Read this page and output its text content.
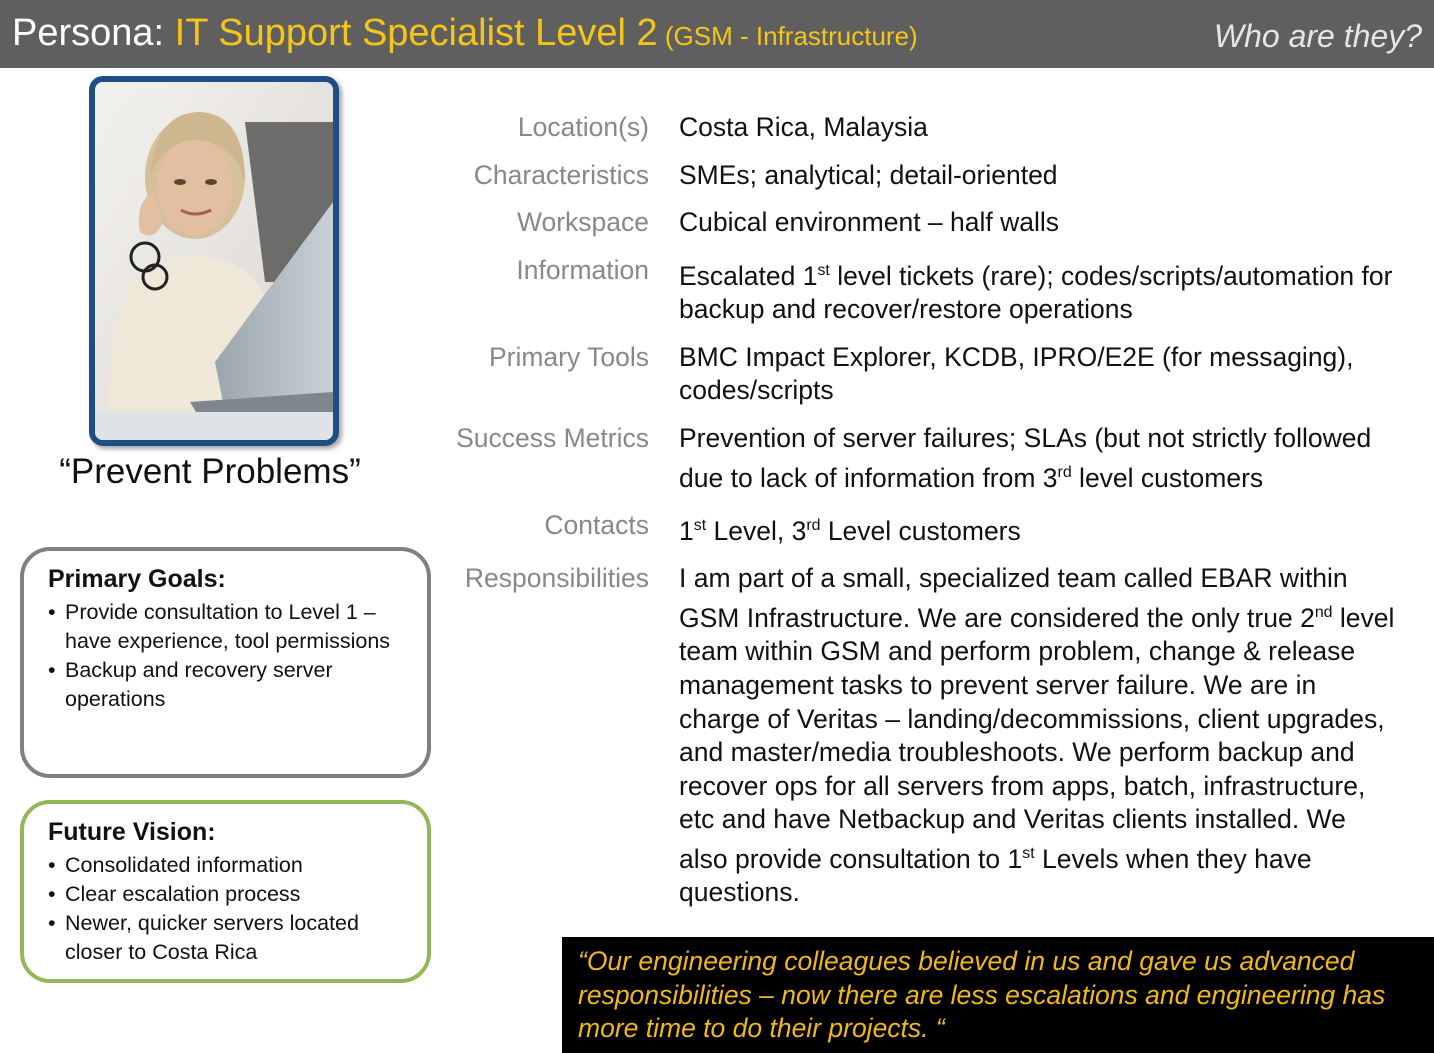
Persona: IT Support Specialist Level 2 (GSM - Infrastructure)	Who are they?
“Prevent Problems”
Primary Goals:
• Provide consultation to Level 1 – have experience, tool permissions
• Backup and recovery server operations
Future Vision:
• Consolidated information
• Clear escalation process
• Newer, quicker servers located closer to Costa Rica
Location(s) Costa Rica, Malaysia
Characteristics SMEs; analytical; detail-oriented
Workspace Cubical environment – half walls
Information Escalated 1st level tickets (rare); codes/scripts/automation for backup and recover/restore operations
Primary Tools BMC Impact Explorer, KCDB, IPRO/E2E (for messaging), codes/scripts
Success Metrics Prevention of server failures; SLAs (but not strictly followed due to lack of information from 3rd level customers
Contacts 1st Level, 3rd Level customers
Responsibilities I am part of a small, specialized team called EBAR within GSM Infrastructure. We are considered the only true 2nd level team within GSM and perform problem, change & release management tasks to prevent server failure. We are in charge of Veritas – landing/decommissions, client upgrades, and master/media troubleshoots. We perform backup and recover ops for all servers from apps, batch, infrastructure, etc and have Netbackup and Veritas clients installed. We also provide consultation to 1st Levels when they have questions.
“Our engineering colleagues believed in us and gave us advanced responsibilities – now there are less escalations and engineering has more time to do their projects. “
